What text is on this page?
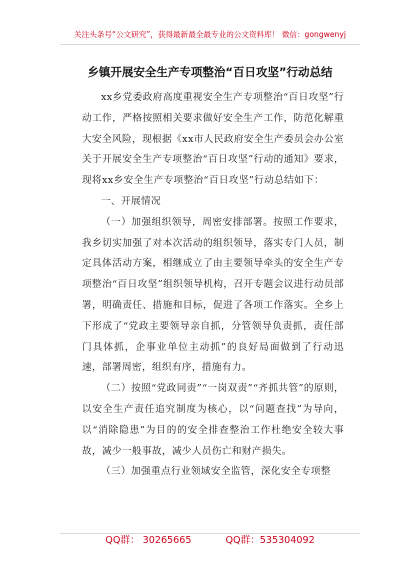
关注头条号“公文研究”，获得最新最全最专业的公文资料库！ 微信：gongwenyj
乡镇开展安全生产专项整治“百日攻坚”行动总结

xx乡党委政府高度重视安全生产专项整治“百日攻坚”行动工作，严格按照相关要求做好安全生产工作，防范化解重大安全风险，现根据《xx市人民政府安全生产委员会办公室关于开展安全生产专项整治“百日攻坚”行动的通知》要求，现将xx乡安全生产专项整治“百日攻坚”行动总结如下：

一、开展情况

（一）加强组织领导，周密安排部署。按照工作要求，我乡切实加强了对本次活动的组织领导，落实专门人员，制定具体活动方案，相继成立了由主要领导牵头的安全生产专项整治“百日攻坚”组织领导机构，召开专题会议进行动员部署，明确责任、措施和目标，促进了各项工作落实。全乡上下形成了“党政主要领导亲自抓，分管领导负责抓，责任部门具体抓，企事业单位主动抓”的良好局面做到了行动迅速，部署周密，组织有序，措施有力。

（二）按照“党政同责”“一岗双责”“齐抓共管”的原则，以安全生产责任追究制度为核心，以“问题查找”为导向，以“消除隐患”为目的的安全排查整治工作杜绝安全较大事故，减少一般事故，减少人员伤亡和财产损失。

（三）加强重点行业领域安全监管，深化安全专项整

QQ群： 30265665	QQ群：535304092
